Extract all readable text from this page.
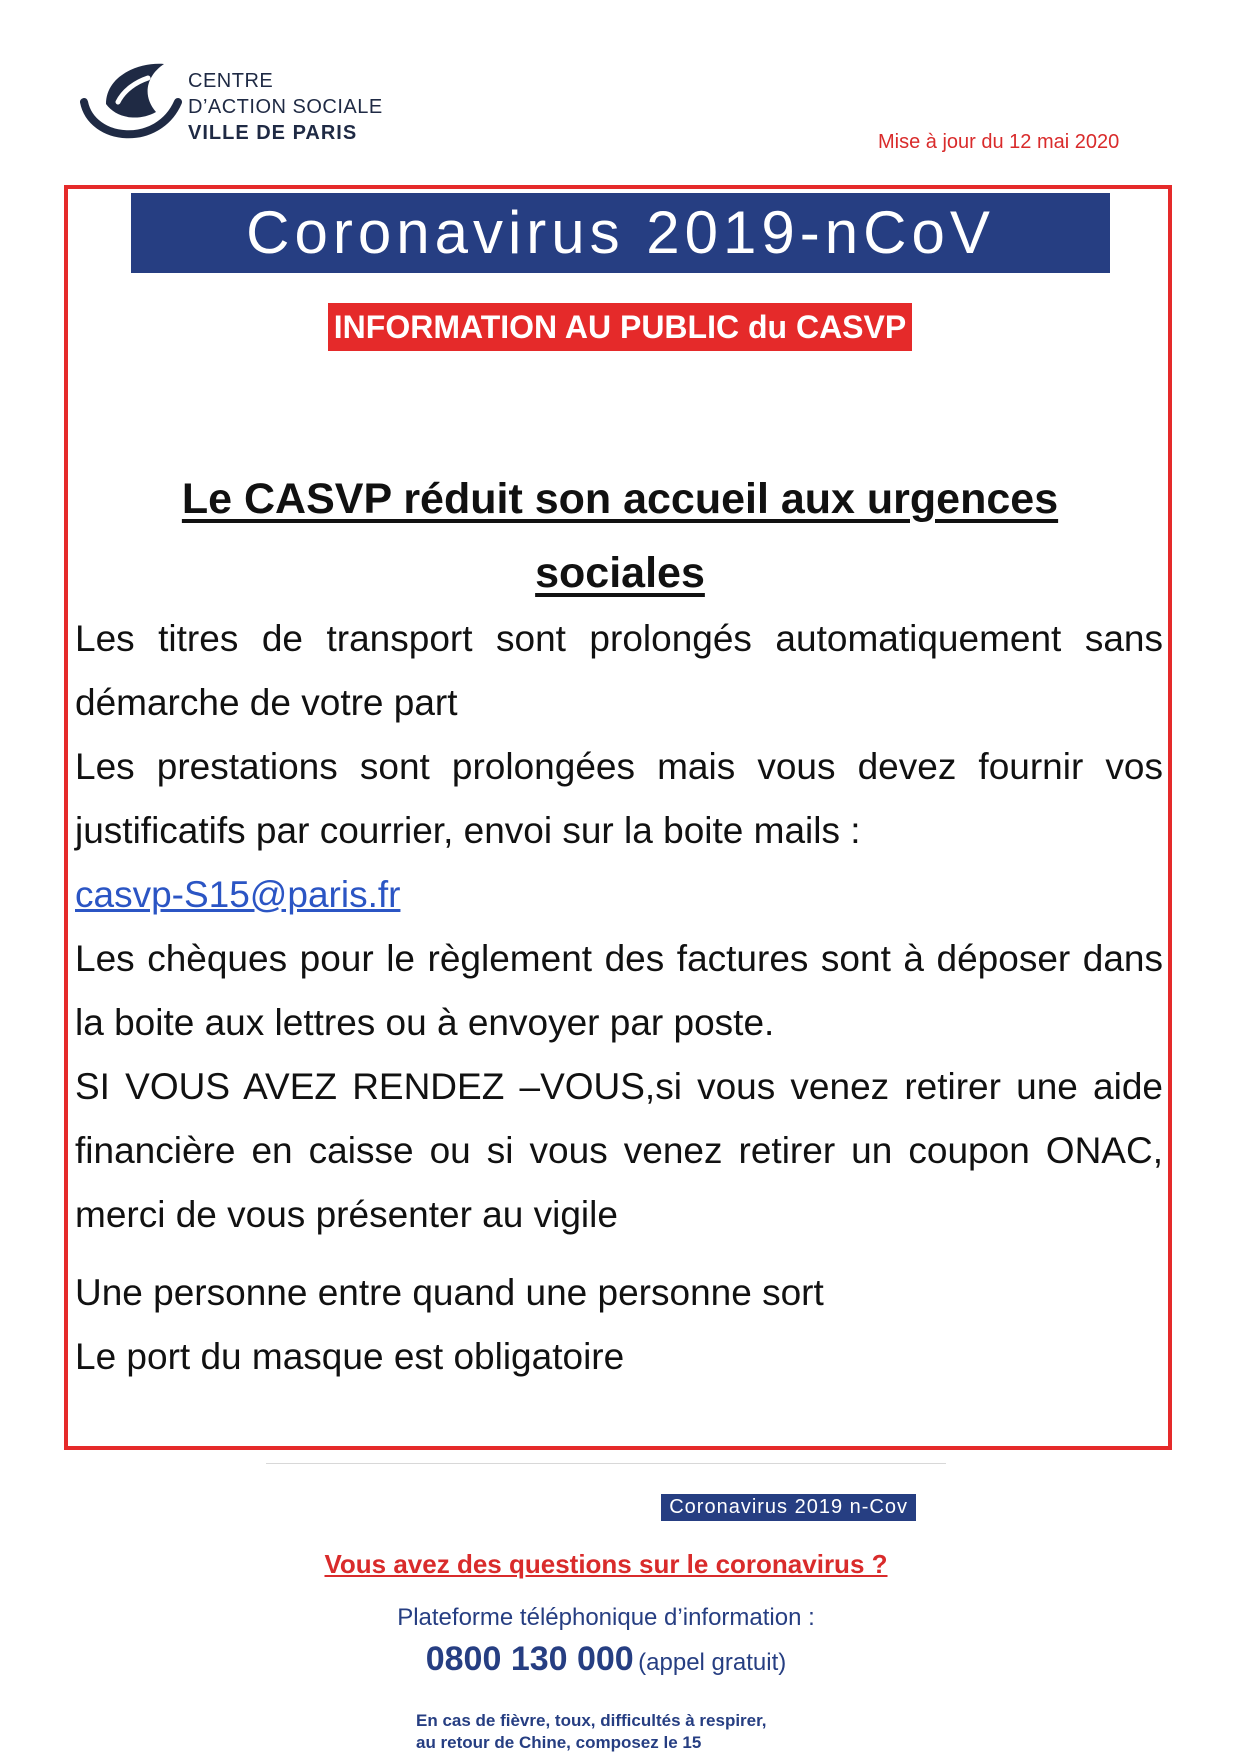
CENTRE
D’ACTION SOCIALE
VILLE DE PARIS	Mise à jour du 12 mai 2020
Coronavirus 2019-nCoV
INFORMATION AU PUBLIC du CASVP
Le CASVP réduit son accueil aux urgences
sociales

Les titres de transport sont prolongés automatiquement sans démarche de votre part

Les prestations sont prolongées mais vous devez fournir vos justificatifs par courrier, envoi sur la boite mails :

casvp-S15@paris.fr

Les chèques pour le règlement des factures sont à déposer dans la boite aux lettres ou à envoyer par poste.

SI VOUS AVEZ RENDEZ –VOUS,si vous venez retirer une aide financière en caisse ou si vous venez retirer un coupon ONAC, merci de vous présenter au vigile

Une personne entre quand une personne sort

Le port du masque est obligatoire

Coronavirus 2019 n-Cov
Vous avez des questions sur le coronavirus ?
Plateforme téléphonique d’information :
0800 130 000 (appel gratuit)
En cas de fièvre, toux, difficultés à respirer,
au retour de Chine, composez le 15
